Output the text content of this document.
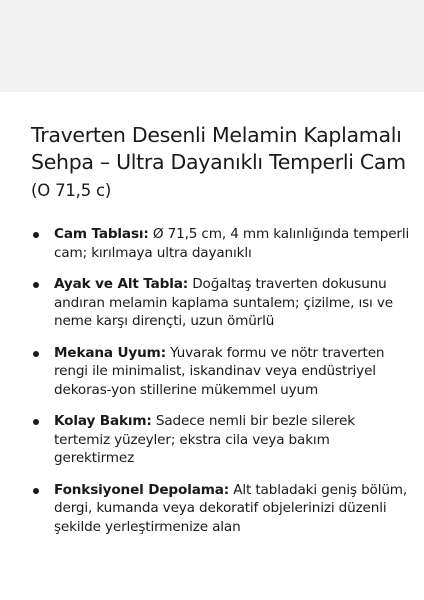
Traverten Desenli Melamin Kaplamalı Sehpa – Ultra Dayanıklı Temperli Cam (O 71,5 c)
Cam Tablası: Ø 71,5 cm, 4 mm kalınlığında temperli cam; kırılmaya ultra dayanıklı
Ayak ve Alt Tabla: Doğaltaş traverten dokusunu andıran melamin kaplama suntalem; çizilme, ısı ve neme karşı dirençti, uzun ömürlü
Mekana Uyum: Yuvarak formu ve nötr traverten rengi ile minimalist, iskandinav veya endüstriyel dekoras-yon stillerine mükemmel uyum
Kolay Bakım: Sadece nemli bir bezle silerek tertemiz yüzeyler; ekstra cila veya bakım gerektirmez
Fonksiyonel Depolama: Alt tabladaki geniş bölüm, dergi, kumanda veya dekoratif objelerinizi düzenli şekilde yerleştirmenize alan
